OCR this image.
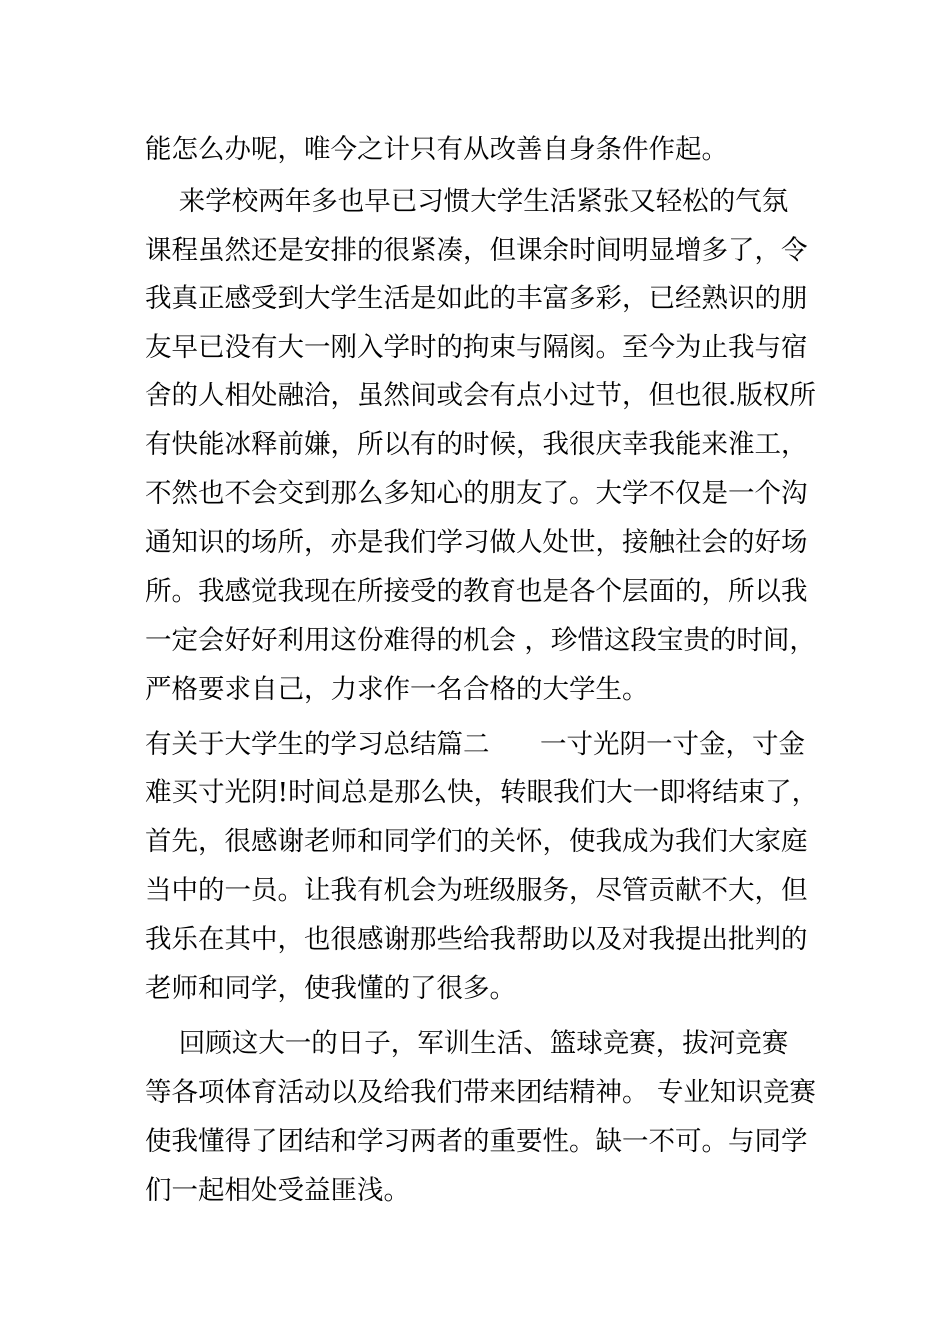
能怎么办呢，唯今之计只有从改善自身条件作起。
来学校两年多也早已习惯大学生活紧张又轻松的气氛
课程虽然还是安排的很紧凑，但课余时间明显增多了，令
我真正感受到大学生活是如此的丰富多彩，已经熟识的朋
友早已没有大一刚入学时的拘束与隔阂。至今为止我与宿
舍的人相处融洽，虽然间或会有点小过节，但也很.版权所
有快能冰释前嫌，所以有的时候，我很庆幸我能来淮工，
不然也不会交到那么多知心的朋友了。大学不仅是一个沟
通知识的场所，亦是我们学习做人处世，接触社会的好场
所。我感觉我现在所接受的教育也是各个层面的，所以我
一定会好好利用这份难得的机会 ，珍惜这段宝贵的时间，
严格要求自己，力求作一名合格的大学生。
有关于大学生的学习总结篇二      一寸光阴一寸金，寸金
难买寸光阴!时间总是那么快，转眼我们大一即将结束了，
首先，很感谢老师和同学们的关怀，使我成为我们大家庭
当中的一员。让我有机会为班级服务，尽管贡献不大，但
我乐在其中，也很感谢那些给我帮助以及对我提出批判的
老师和同学，使我懂的了很多。
回顾这大一的日子，军训生活、篮球竞赛，拔河竞赛
等各项体育活动以及给我们带来团结精神。 专业知识竞赛
使我懂得了团结和学习两者的重要性。缺一不可。与同学
们一起相处受益匪浅。
